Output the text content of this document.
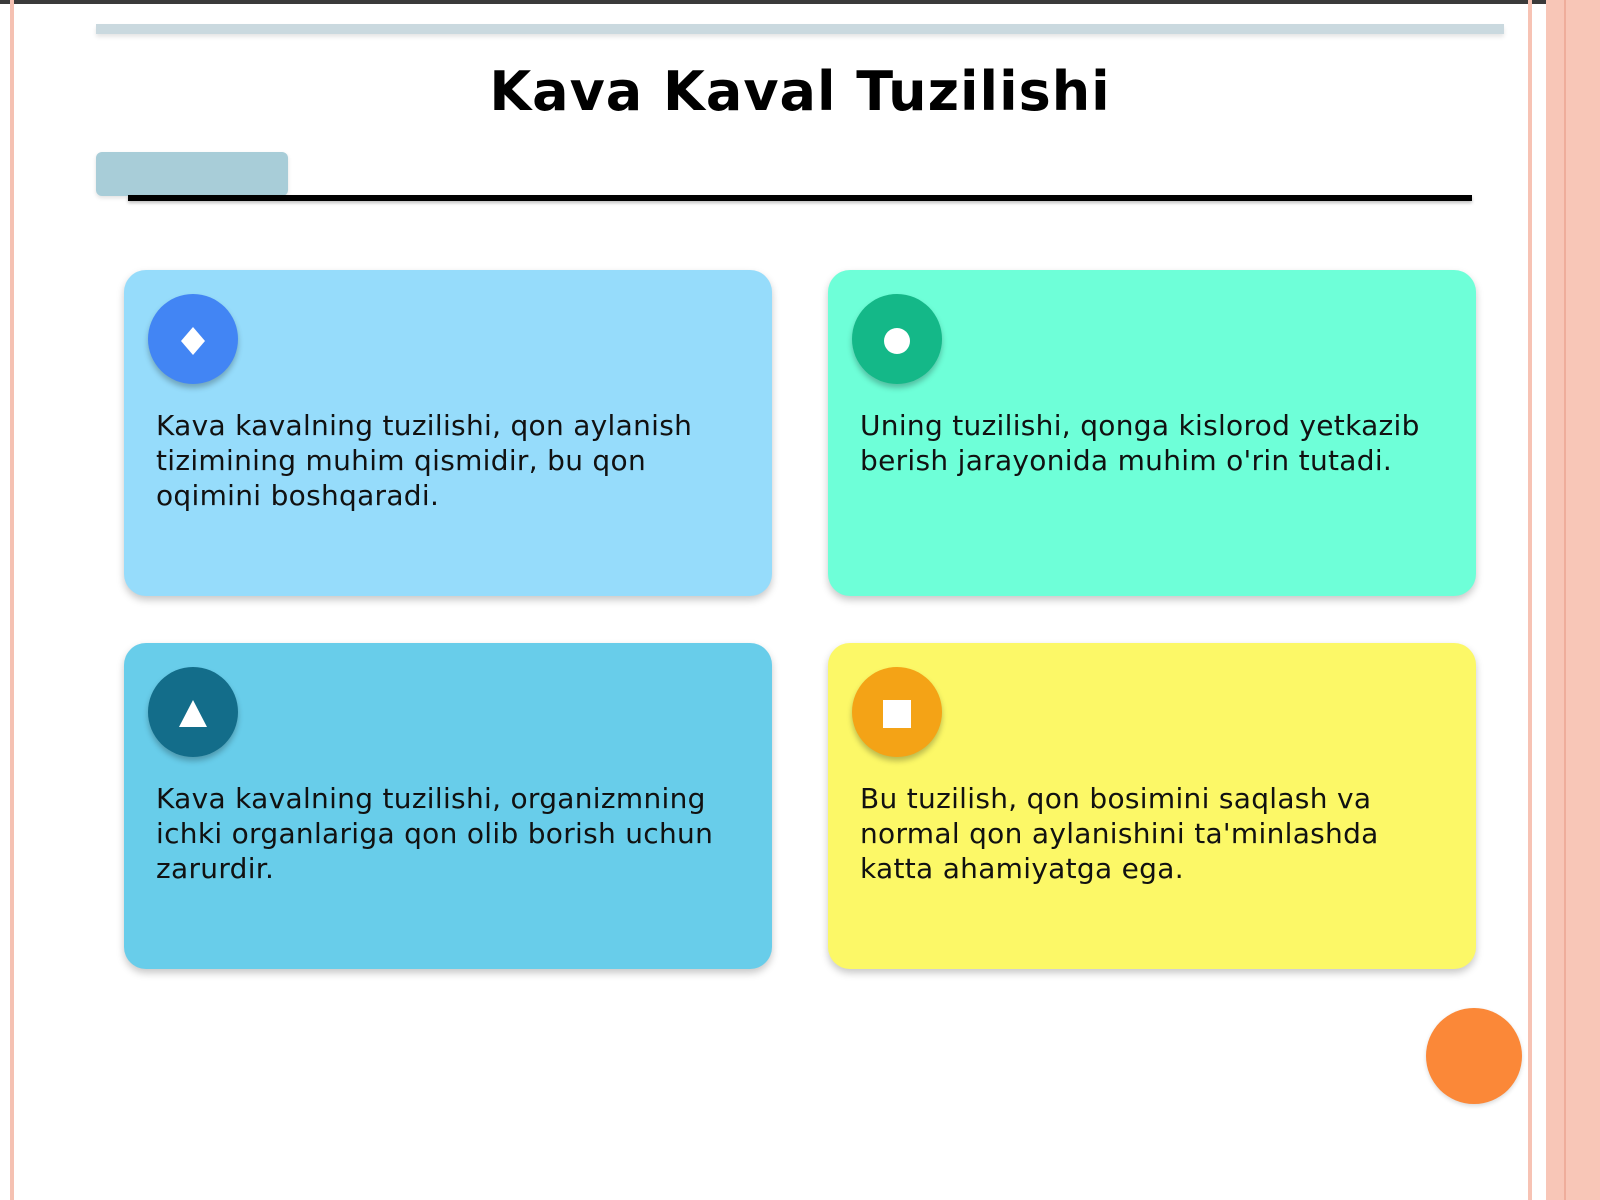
Kava Kaval Tuzilishi
Kava kavalning tuzilishi, qon aylanish tizimining muhim qismidir, bu qon oqimini boshqaradi.
Uning tuzilishi, qonga kislorod yetkazib berish jarayonida muhim o'rin tutadi.
Kava kavalning tuzilishi, organizmning ichki organlariga qon olib borish uchun zarurdir.
Bu tuzilish, qon bosimini saqlash va normal qon aylanishini ta'minlashda katta ahamiyatga ega.
